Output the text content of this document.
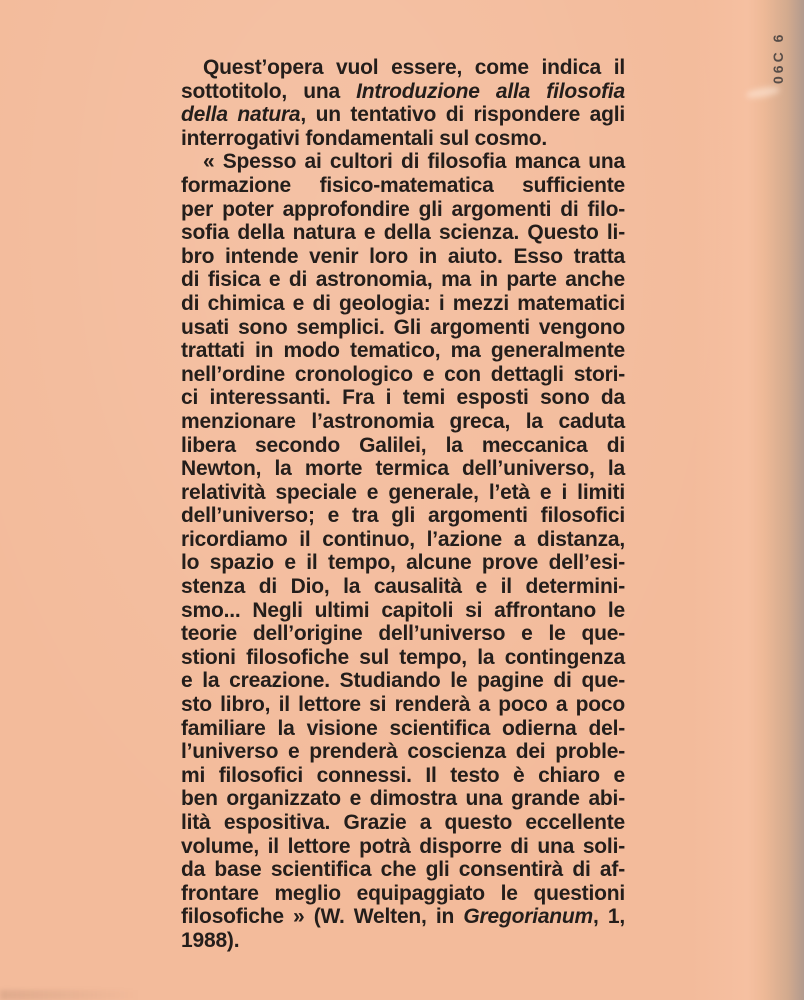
06C 6
Quest’opera vuol essere, come indica il
sottotitolo, una Introduzione alla filosofia
della natura, un tentativo di rispondere agli
interrogativi fondamentali sul cosmo.
« Spesso ai cultori di filosofia manca una
formazione fisico-matematica sufficiente
per poter approfondire gli argomenti di filo-
sofia della natura e della scienza. Questo li-
bro intende venir loro in aiuto. Esso tratta
di fisica e di astronomia, ma in parte anche
di chimica e di geologia: i mezzi matematici
usati sono semplici. Gli argomenti vengono
trattati in modo tematico, ma generalmente
nell’ordine cronologico e con dettagli stori-
ci interessanti. Fra i temi esposti sono da
menzionare l’astronomia greca, la caduta
libera secondo Galilei, la meccanica di
Newton, la morte termica dell’universo, la
relatività speciale e generale, l’età e i limiti
dell’universo; e tra gli argomenti filosofici
ricordiamo il continuo, l’azione a distanza,
lo spazio e il tempo, alcune prove dell’esi-
stenza di Dio, la causalità e il determini-
smo... Negli ultimi capitoli si affrontano le
teorie dell’origine dell’universo e le que-
stioni filosofiche sul tempo, la contingenza
e la creazione. Studiando le pagine di que-
sto libro, il lettore si renderà a poco a poco
familiare la visione scientifica odierna del-
l’universo e prenderà coscienza dei proble-
mi filosofici connessi. Il testo è chiaro e
ben organizzato e dimostra una grande abi-
lità espositiva. Grazie a questo eccellente
volume, il lettore potrà disporre di una soli-
da base scientifica che gli consentirà di af-
frontare meglio equipaggiato le questioni
filosofiche » (W. Welten, in Gregorianum, 1,
1988).
